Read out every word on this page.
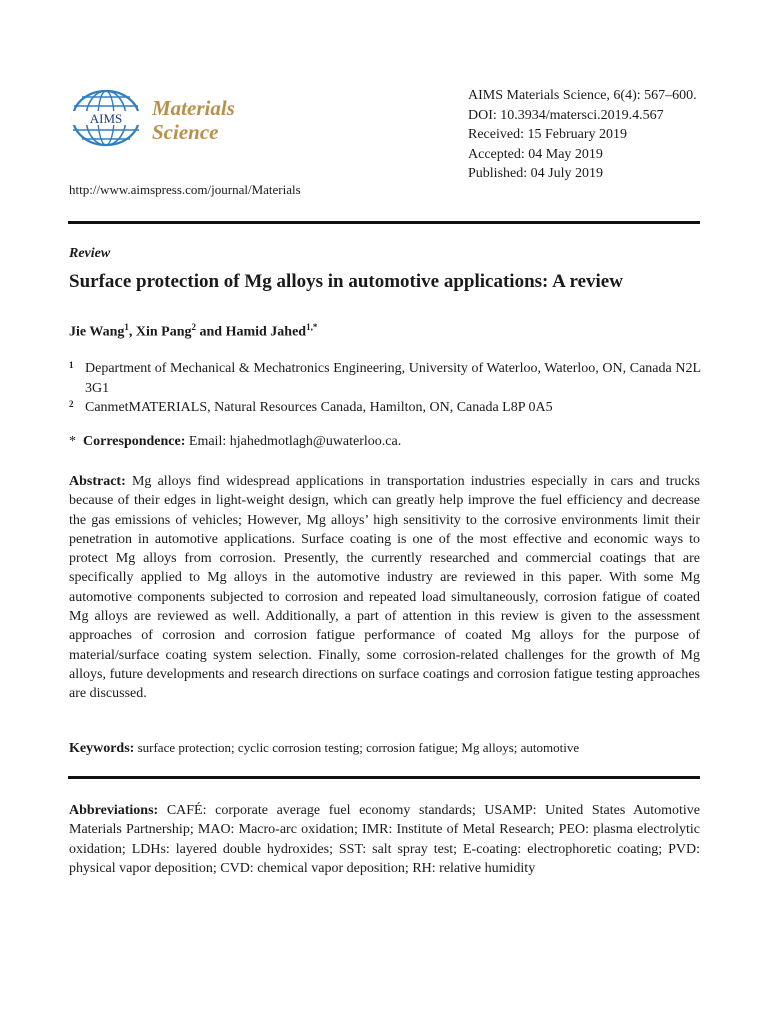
AIMS Materials
Science
AIMS Materials Science, 6(4): 567–600.
DOI: 10.3934/matersci.2019.4.567
Received: 15 February 2019
Accepted: 04 May 2019
Published: 04 July 2019
http://www.aimspress.com/journal/Materials
Review
Surface protection of Mg alloys in automotive applications: A review
Jie Wang$^1$, Xin Pang$^2$ and Hamid Jahed$^{1,*}$
1 Department of Mechanical & Mechatronics Engineering, University of Waterloo, Waterloo, ON, Canada N2L 3G1
2 CanmetMATERIALS, Natural Resources Canada, Hamilton, ON, Canada L8P 0A5
* Correspondence: Email: hjahedmotlagh@uwaterloo.ca.
Abstract: Mg alloys find widespread applications in transportation industries especially in cars and trucks because of their edges in light-weight design, which can greatly help improve the fuel efficiency and decrease the gas emissions of vehicles; However, Mg alloys’ high sensitivity to the corrosive environments limit their penetration in automotive applications. Surface coating is one of the most effective and economic ways to protect Mg alloys from corrosion. Presently, the currently researched and commercial coatings that are specifically applied to Mg alloys in the automotive industry are reviewed in this paper. With some Mg automotive components subjected to corrosion and repeated load simultaneously, corrosion fatigue of coated Mg alloys are reviewed as well. Additionally, a part of attention in this review is given to the assessment approaches of corrosion and corrosion fatigue performance of coated Mg alloys for the purpose of material/surface coating system selection. Finally, some corrosion-related challenges for the growth of Mg alloys, future developments and research directions on surface coatings and corrosion fatigue testing approaches are discussed.
Keywords: surface protection; cyclic corrosion testing; corrosion fatigue; Mg alloys; automotive
Abbreviations: CAFÉ: corporate average fuel economy standards; USAMP: United States Automotive Materials Partnership; MAO: Macro-arc oxidation; IMR: Institute of Metal Research; PEO: plasma electrolytic oxidation; LDHs: layered double hydroxides; SST: salt spray test; E-coating: electrophoretic coating; PVD: physical vapor deposition; CVD: chemical vapor deposition; RH: relative humidity
